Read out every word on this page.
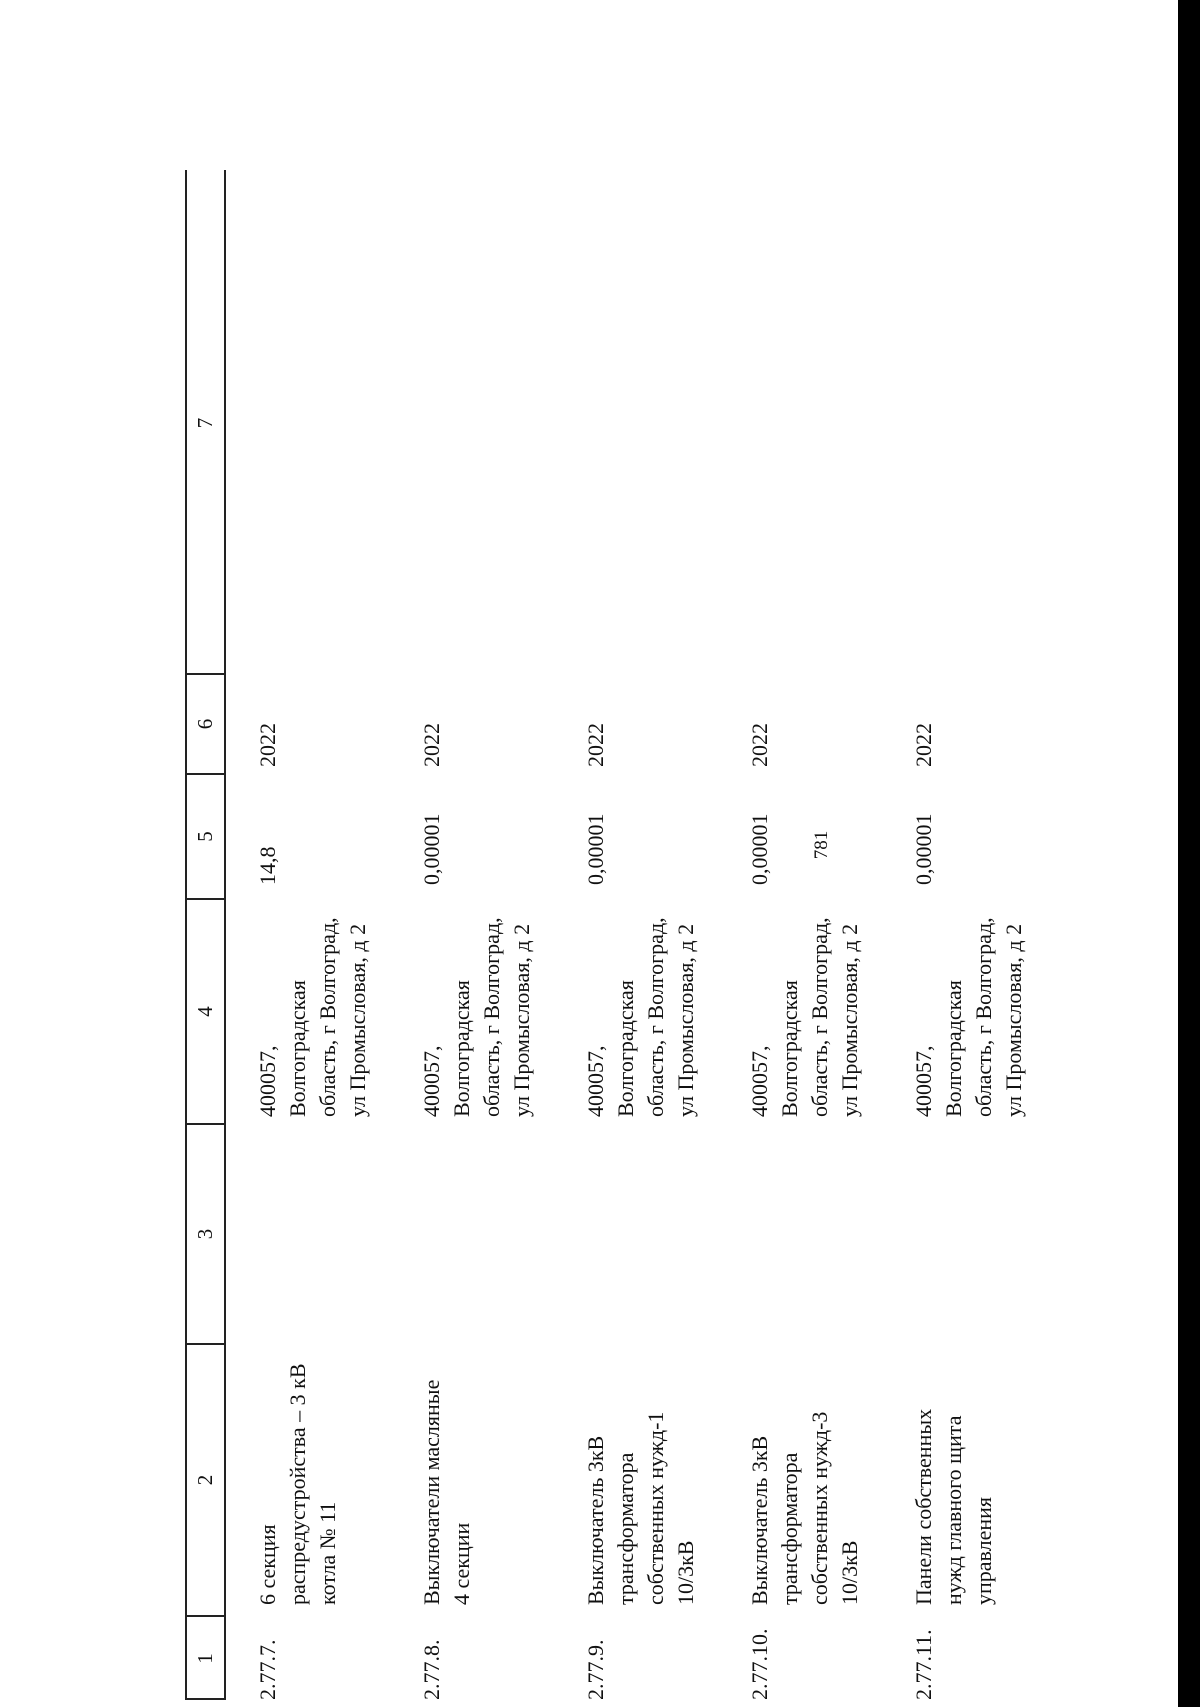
781
1
2
3
4
5
6
7
2.77.7.
6 секция распредустройства – 3 кВ котла № 11
400057, Волгоградская область, г Волгоград, ул Промысловая, д 2
14,8
2022
2.77.8.
Выключатели масляные 4 секции
400057, Волгоградская область, г Волгоград, ул Промысловая, д 2
0,00001
2022
2.77.9.
Выключатель 3кВ трансформатора собственных нужд-1 10/3кВ
400057, Волгоградская область, г Волгоград, ул Промысловая, д 2
0,00001
2022
2.77.10.
Выключатель 3кВ трансформатора собственных нужд-3 10/3кВ
400057, Волгоградская область, г Волгоград, ул Промысловая, д 2
0,00001
2022
2.77.11.
Панели собственных нужд главного щита управления
400057, Волгоградская область, г Волгоград, ул Промысловая, д 2
0,00001
2022
